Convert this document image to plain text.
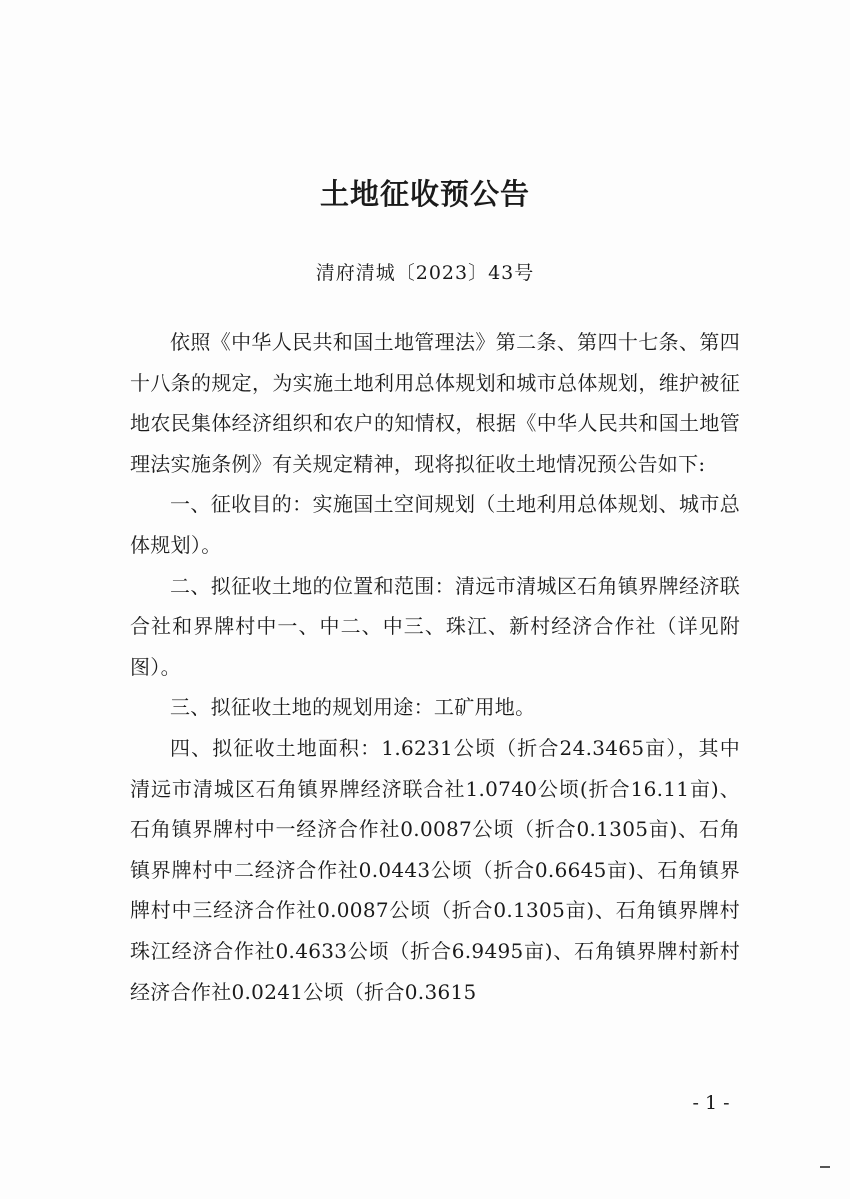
土地征收预公告
清府清城〔2023〕43号

依照《中华人民共和国土地管理法》第二条、第四十七条、第四十八条的规定，为实施土地利用总体规划和城市总体规划，维护被征地农民集体经济组织和农户的知情权，根据《中华人民共和国土地管理法实施条例》有关规定精神，现将拟征收土地情况预公告如下:

一、征收目的：实施国土空间规划（土地利用总体规划、城市总体规划）。

二、拟征收土地的位置和范围：清远市清城区石角镇界牌经济联合社和界牌村中一、中二、中三、珠江、新村经济合作社（详见附图）。

三、拟征收土地的规划用途：工矿用地。

四、拟征收土地面积：1.6231公顷（折合24.3465亩），其中清远市清城区石角镇界牌经济联合社1.0740公顷(折合16.11亩)、石角镇界牌村中一经济合作社0.0087公顷（折合0.1305亩)、石角镇界牌村中二经济合作社0.0443公顷（折合0.6645亩)、石角镇界牌村中三经济合作社0.0087公顷（折合0.1305亩)、石角镇界牌村珠江经济合作社0.4633公顷（折合6.9495亩)、石角镇界牌村新村经济合作社0.0241公顷（折合0.3615

- 1 -
